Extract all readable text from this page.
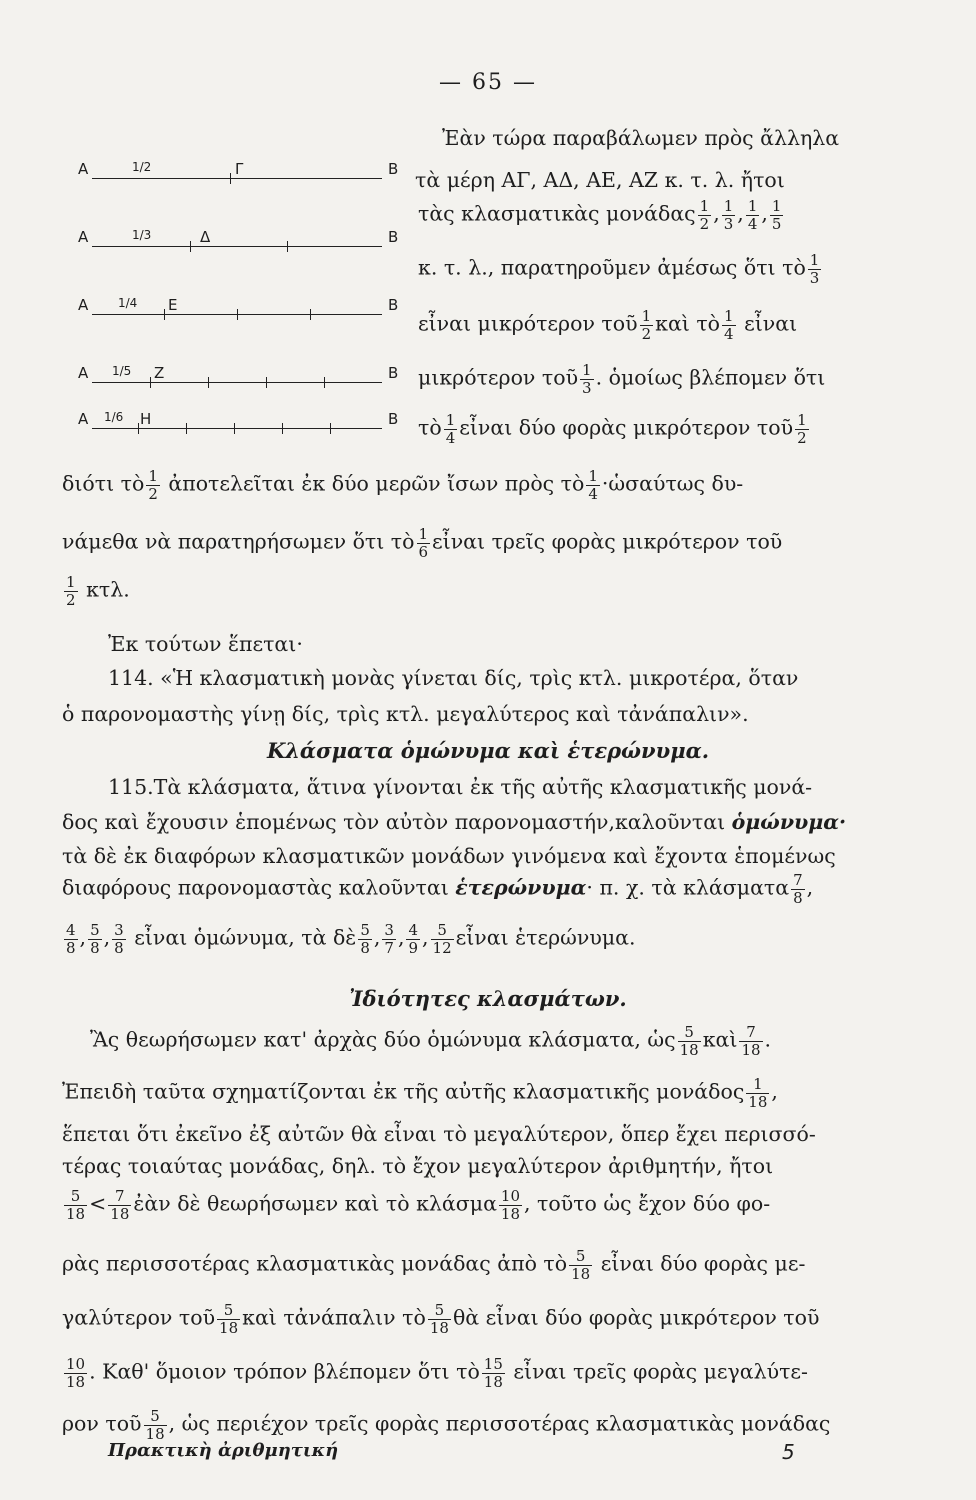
— 65 —
A	1/2	Γ	B
A	1/3	Δ	B
A 1/4 E	B
A 1/5 Z	B
A 1/6 H	B
Ἐὰν τώρα παραβάλωμεν πρὸς ἄλληλα
τὰ μέρη ΑΓ, ΑΔ, ΑΕ, ΑΖ κ. τ. λ. ἤτοι
τὰς κλασματικὰς μονάδας $\frac{1}{2}$ , $\frac{1}{3}$ , $\frac{1}{4}$ , $\frac{1}{5}$
κ. τ. λ., παρατηροῦμεν ἀμέσως ὅτι τὸ $\frac{1}{3}$
εἶναι μικρότερον τοῦ $\frac{1}{2}$ καὶ τὸ $\frac{1}{4}$ εἶναι
μικρότερον τοῦ $\frac{1}{3}$ . ὁμοίως βλέπομεν ὅτι
τὸ $\frac{1}{4}$ εἶναι δύο φορὰς μικρότερον τοῦ $\frac{1}{2}$
διότι τὸ $\frac{1}{2}$ ἀποτελεῖται ἐκ δύο μερῶν ἴσων πρὸς τὸ $\frac{1}{4}$ ·ὡσαύτως δυ-
νάμεθα νὰ παρατηρήσωμεν ὅτι τὸ $\frac{1}{6}$ εἶναι τρεῖς φορὰς μικρότερον τοῦ
$\frac{1}{2} \kappa\tau\lambda$.
Ἐκ τούτων ἕπεται·
114. «Ἡ κλασματικὴ μονὰς γίνεται δίς, τρὶς κτλ. μικροτέρα, ὅταν
ὁ παρονομαστὴς γίνῃ δίς, τρὶς κτλ. μεγαλύτερος καὶ τἀνάπαλιν».
Κλάσματα ὁμώνυμα καὶ ἑτερώνυμα.
115.Τὰ κλάσματα, ἅτινα γίνονται ἐκ τῆς αὐτῆς κλασματικῆς μονά-
δος καὶ ἔχουσιν ἑπομένως τὸν αὐτὸν παρονομαστήν,καλοῦνται ὁμώνυμα·
τὰ δὲ ἐκ διαφόρων κλασματικῶν μονάδων γινόμενα καὶ ἔχοντα ἑπομένως
διαφόρους παρονομαστὰς καλοῦνται ἑτερώνυμα· π. χ. τὰ κλάσματα $\frac{7}{8}$ ,
$\frac{4}{8}$ , $\frac{5}{8}$ , $\frac{3}{8}$ εἶναι ὁμώνυμα, τὰ δὲ $\frac{5}{8}$ , $\frac{3}{7}$ , $\frac{4}{9}$ , $\frac{5}{12}$ εἶναι ἑτερώνυμα.
Ἰδιότητες κλασμάτων.
Ἂς θεωρήσωμεν κατ' ἀρχὰς δύο ὁμώνυμα κλάσματα, ὡς $\frac{5}{18}$ καὶ $\frac{7}{18}$ .
Ἐπειδὴ ταῦτα σχηματίζονται ἐκ τῆς αὐτῆς κλασματικῆς μονάδος $\frac{1}{18}$ ,
ἕπεται ὅτι ἐκεῖνο ἐξ αὐτῶν θὰ εἶναι τὸ μεγαλύτερον, ὅπερ ἔχει περισσό-
τέρας τοιαύτας μονάδας, δηλ. τὸ ἔχον μεγαλύτερον ἀριθμητήν, ἤτοι
$\frac{5}{18} < \frac{7}{18}$ ἐὰν δὲ θεωρήσωμεν καὶ τὸ κλάσμα $\frac{10}{18}$ , τοῦτο ὡς ἔχον δύο φο-
ρὰς περισσοτέρας κλασματικὰς μονάδας ἀπὸ τὸ $\frac{5}{18}$ εἶναι δύο φορὰς με-
γαλύτερον τοῦ $\frac{5}{18}$ καὶ τἀνάπαλιν τὸ $\frac{5}{18}$ θὰ εἶναι δύο φορὰς μικρότερον τοῦ
$\frac{10}{18}$ . Καθ' ὅμοιον τρόπον βλέπομεν ὅτι τὸ $\frac{15}{18}$ εἶναι τρεῖς φορὰς μεγαλύτε-
ρον τοῦ $\frac{5}{18}$ , ὡς περιέχον τρεῖς φορὰς περισσοτέρας κλασματικὰς μονάδας
Πρακτικὴ ἀριθμητική	5
